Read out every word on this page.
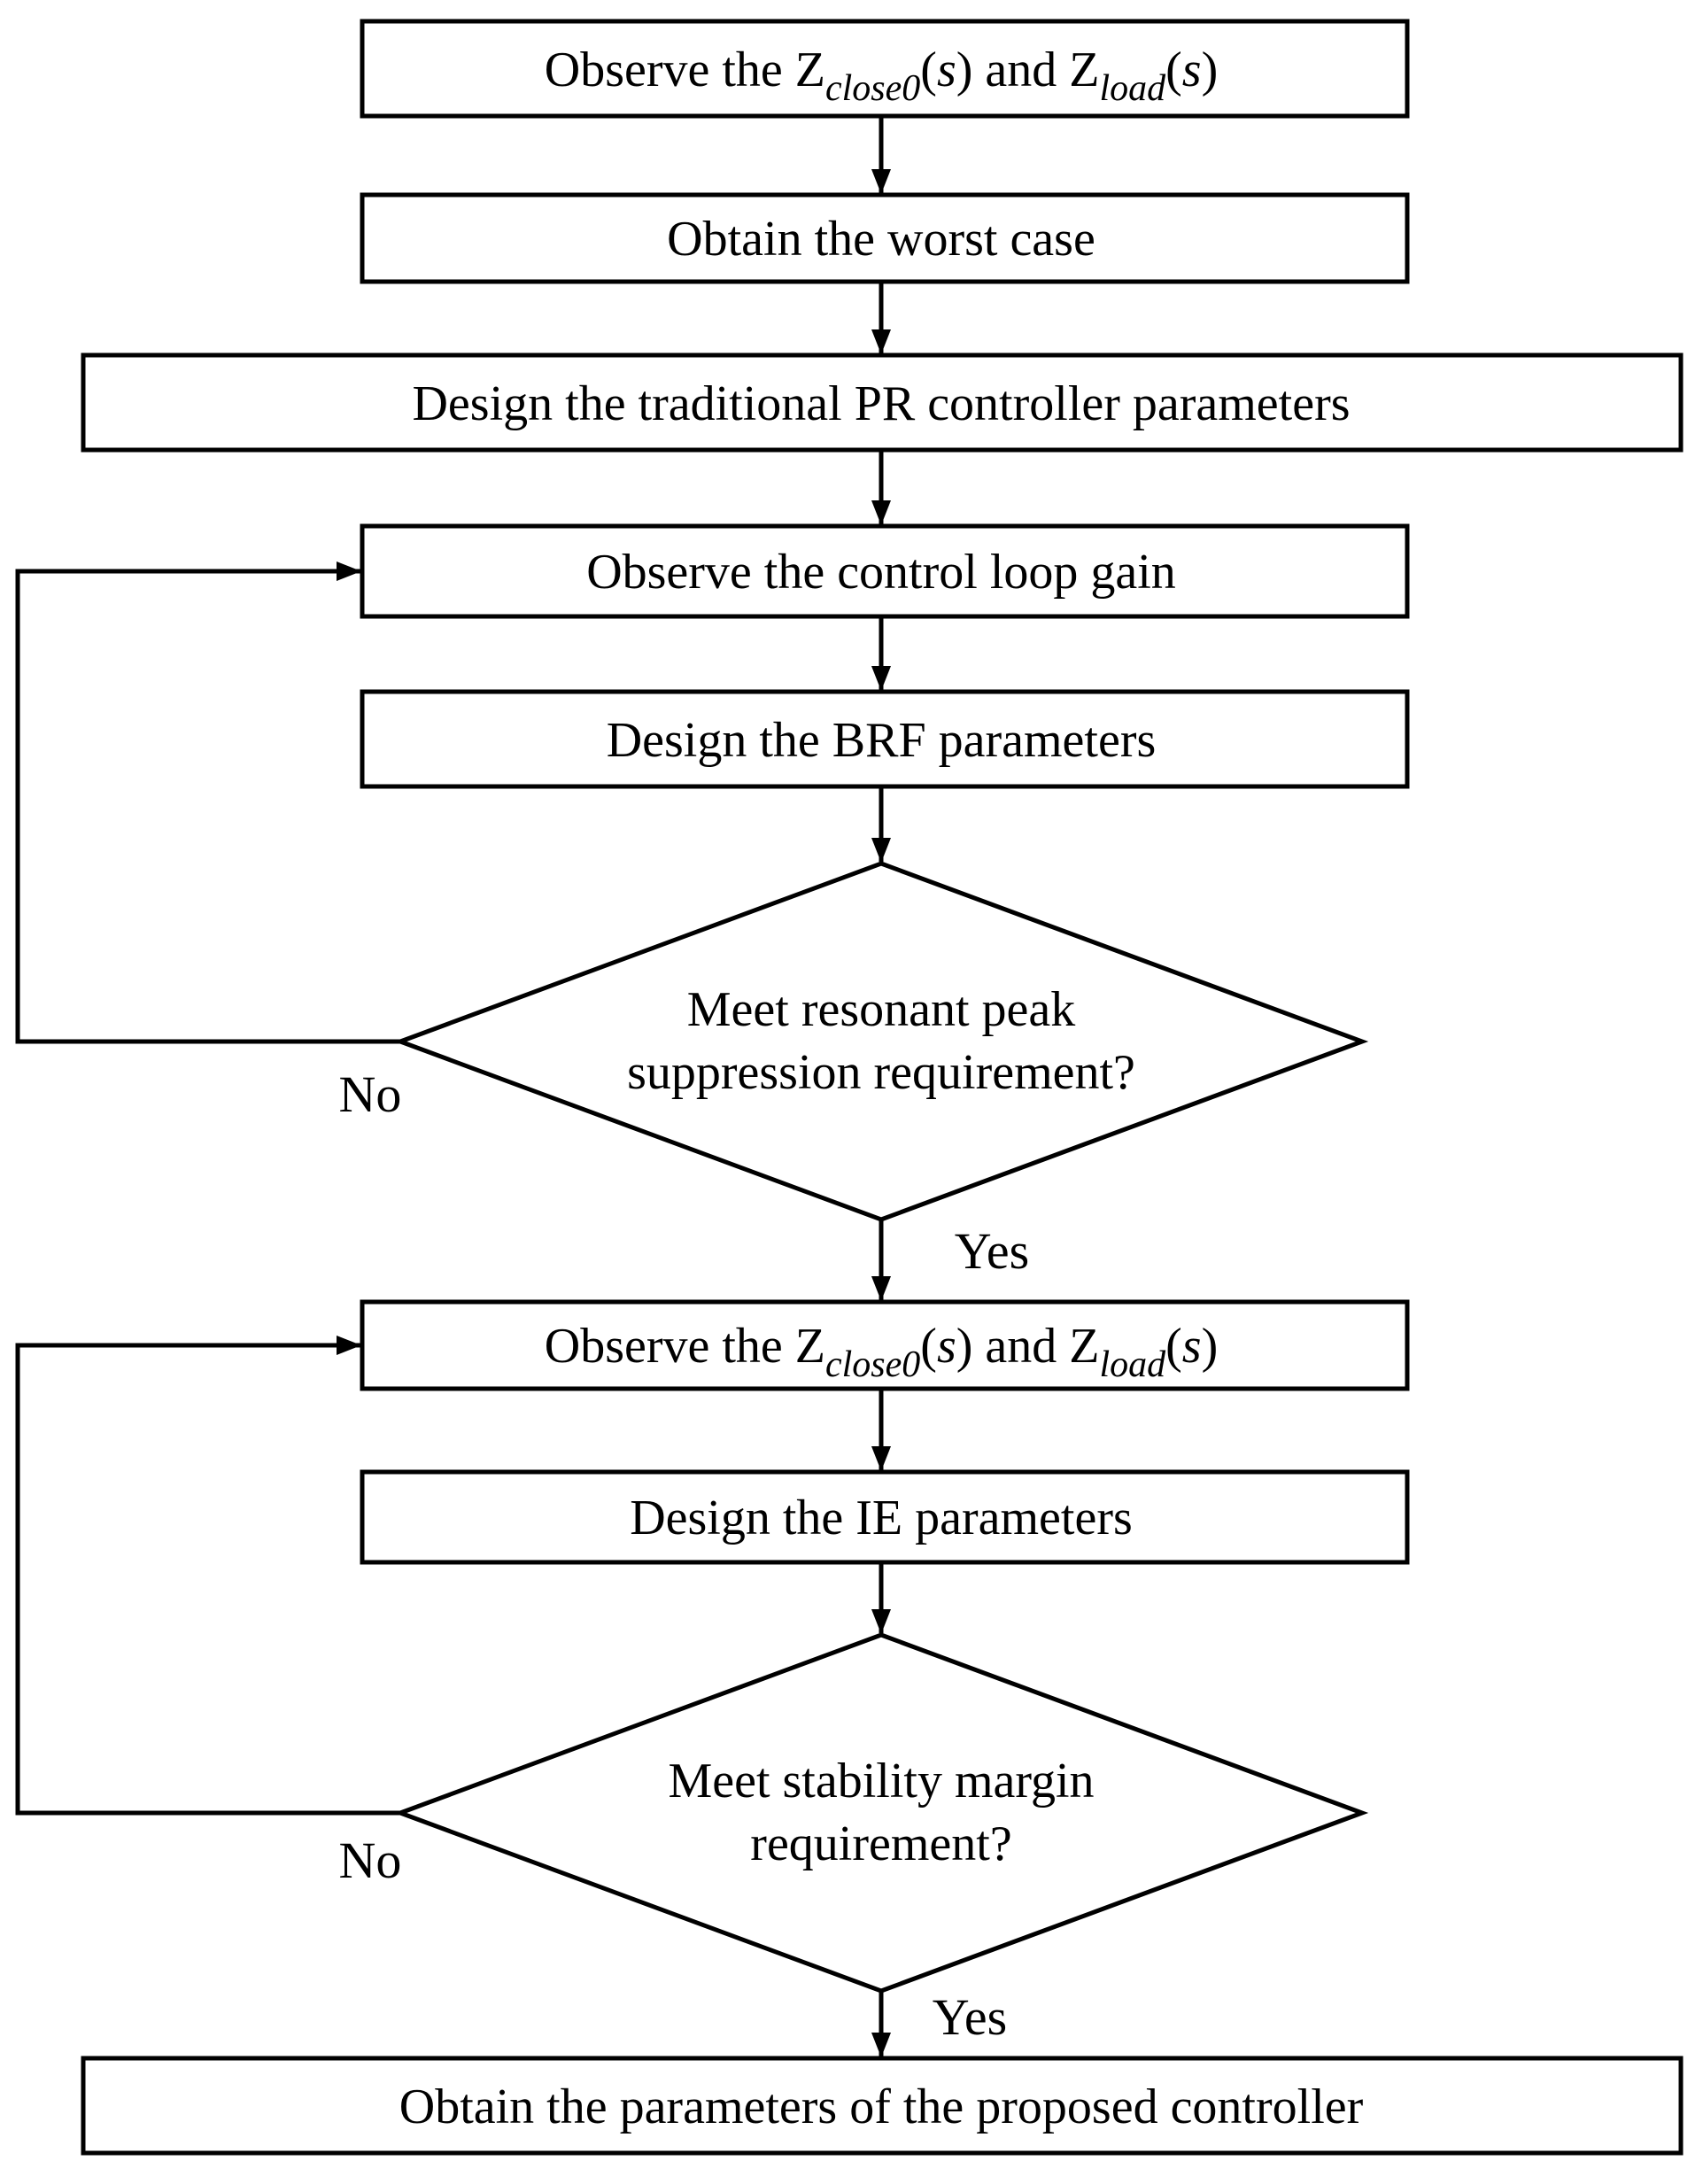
Observe the $Z_{close0}(s)$ and $Z_{load}(s)$
Obtain the worst case
Design the traditional PR controller parameters
Observe the control loop gain
Design the BRF parameters
Meet resonant peak
suppression requirement?
Observe the $Z_{close0}(s)$ and $Z_{load}(s)$
Design the IE parameters
Meet stability margin
requirement?
Obtain the parameters of the proposed controller
No
Yes
No
Yes
